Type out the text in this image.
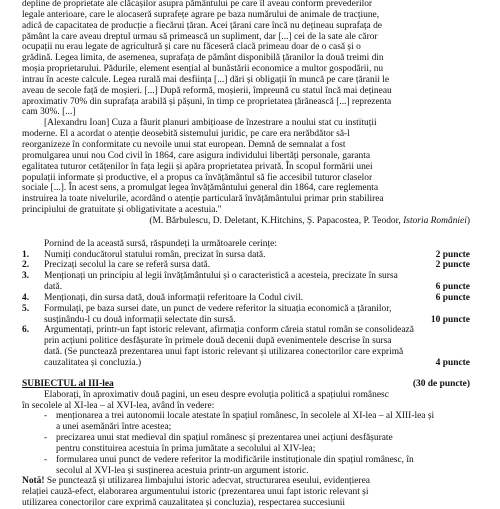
depline de proprietate ale clăcașilor asupra pământului pe care îl aveau conform prevederilor

legale anterioare, care le alocaseră suprafețe agrare pe baza numărului de animale de tracțiune,

adică de capacitatea de producție a fiecărui țăran. Acei țărani care încă nu dețineau suprafața de

pământ la care aveau dreptul urmau să primească un supliment, dar [...] cei de la sate ale căror

ocupații nu erau legate de agricultură și care nu făceseră clacă primeau doar de o casă și o

grădină. Legea limita, de asemenea, suprafața de pământ disponibilă țăranilor la două treimi din

moșia proprietarului. Pădurile, element esențial al bunăstării economice a multor gospodării, nu

intrau în aceste calcule. Legea rurală mai desființa [...] dări și obligații în muncă pe care țăranii le

aveau de secole față de moșieri. [...] După reformă, moșierii, împreună cu statul încă mai dețineau

aproximativ 70% din suprafața arabilă și pășuni, în timp ce proprietatea țărănească [...] reprezenta

cam 30%. [...]

[Alexandru Ioan] Cuza a făurit planuri ambițioase de înzestrare a noului stat cu instituții

moderne. El a acordat o atenție deosebită sistemului juridic, pe care era nerăbdător să-l

reorganizeze în conformitate cu nevoile unui stat european. Demnă de semnalat a fost

promulgarea unui nou Cod civil în 1864, care asigura individului libertăți personale, garanta

egalitatea tuturor cetățenilor în fața legii și apăra proprietatea privată. În scopul formării unei

populații informate și productive, el a propus ca învățământul să fie accesibil tuturor claselor

sociale [...]. În acest sens, a promulgat legea învățământului general din 1864, care reglementa

instruirea la toate nivelurile, acordând o atenție particulară învățământului primar prin stabilirea

principiului de gratuitate și obligativitate a acestuia."

(M. Bărbulescu, D. Deletant, K.Hitchins, Ș. Papacostea, P. Teodor, Istoria României)

Pornind de la această sursă, răspundeți la următoarele cerințe:

1.	Numiți conducătorul statului român, precizat în sursa dată.	2 puncte
2.	Precizați secolul la care se referă sursa dată.	2 puncte
3.	Menționați un principiu al legii învățământului și o caracteristică a acesteia, precizate în sursa
dată.	6 puncte
4.	Menționați, din sursa dată, două informații referitoare la Codul civil.	6 puncte
5.	Formulați, pe baza sursei date, un punct de vedere referitor la situația economică a țăranilor,
susținându-l cu două informații selectate din sursă.	10 puncte
6.	Argumentați, printr-un fapt istoric relevant, afirmația conform căreia statul român se consolidează
prin acțiuni politice desfășurate în primele două decenii după evenimentele descrise în sursa
dată. (Se punctează prezentarea unui fapt istoric relevant și utilizarea conectorilor care exprimă
cauzalitatea și concluzia.)	4 puncte
SUBIECTUL al III-lea	(30 de puncte)

Elaborați, în aproximativ două pagini, un eseu despre evoluția politică a spațiului românesc

în secolele al XI-lea – al XVI-lea, având în vedere:

- menționarea a trei autonomii locale atestate în spațiul românesc, în secolele al XI-lea – al XIII-lea și

a unei asemănări între acestea;

- precizarea unui stat medieval din spațiul românesc și prezentarea unei acțiuni desfășurate

pentru constituirea acestuia în prima jumătate a secolului al XIV-lea;

- formularea unui punct de vedere referitor la modificările instituționale din spațiul românesc, în

secolul al XVI-lea și susținerea acestuia printr-un argument istoric.

Notă! Se punctează și utilizarea limbajului istoric adecvat, structurarea eseului, evidențierea

relației cauză-efect, elaborarea argumentului istoric (prezentarea unui fapt istoric relevant și

utilizarea conectorilor care exprimă cauzalitatea și concluzia), respectarea succesiunii
